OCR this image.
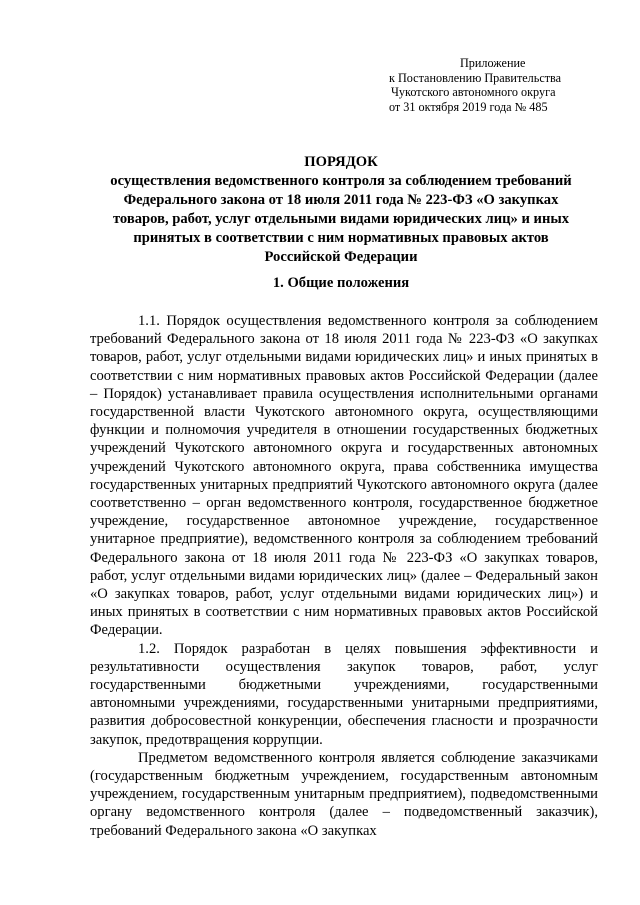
Приложение
к Постановлению Правительства
Чукотского автономного округа
от 31 октября 2019 года № 485
ПОРЯДОК
осуществления ведомственного контроля за соблюдением требований
Федерального закона от 18 июля 2011 года № 223-ФЗ «О закупках
товаров, работ, услуг отдельными видами юридических лиц» и иных
принятых в соответствии с ним нормативных правовых актов
Российской Федерации
1. Общие положения

1.1. Порядок осуществления ведомственного контроля за соблюдением требований Федерального закона от 18 июля 2011 года № 223-ФЗ «О закупках товаров, работ, услуг отдельными видами юридических лиц» и иных принятых в соответствии с ним нормативных правовых актов Российской Федерации (далее – Порядок) устанавливает правила осуществления исполнительными органами государственной власти Чукотского автономного округа, осуществляющими функции и полномочия учредителя в отношении государственных бюджетных учреждений Чукотского автономного округа и государственных автономных учреждений Чукотского автономного округа, права собственника имущества государственных унитарных предприятий Чукотского автономного округа (далее соответственно – орган ведомственного контроля, государственное бюджетное учреждение, государственное автономное учреждение, государственное унитарное предприятие), ведомственного контроля за соблюдением требований Федерального закона от 18 июля 2011 года № 223-ФЗ «О закупках товаров, работ, услуг отдельными видами юридических лиц» (далее – Федеральный закон «О закупках товаров, работ, услуг отдельными видами юридических лиц») и иных принятых в соответствии с ним нормативных правовых актов Российской Федерации.

1.2. Порядок разработан в целях повышения эффективности и результативности осуществления закупок товаров, работ, услуг государственными бюджетными учреждениями, государственными автономными учреждениями, государственными унитарными предприятиями, развития добросовестной конкуренции, обеспечения гласности и прозрачности закупок, предотвращения коррупции.

Предметом ведомственного контроля является соблюдение заказчиками (государственным бюджетным учреждением, государственным автономным учреждением, государственным унитарным предприятием), подведомственными органу ведомственного контроля (далее – подведомственный заказчик), требований Федерального закона «О закупках
